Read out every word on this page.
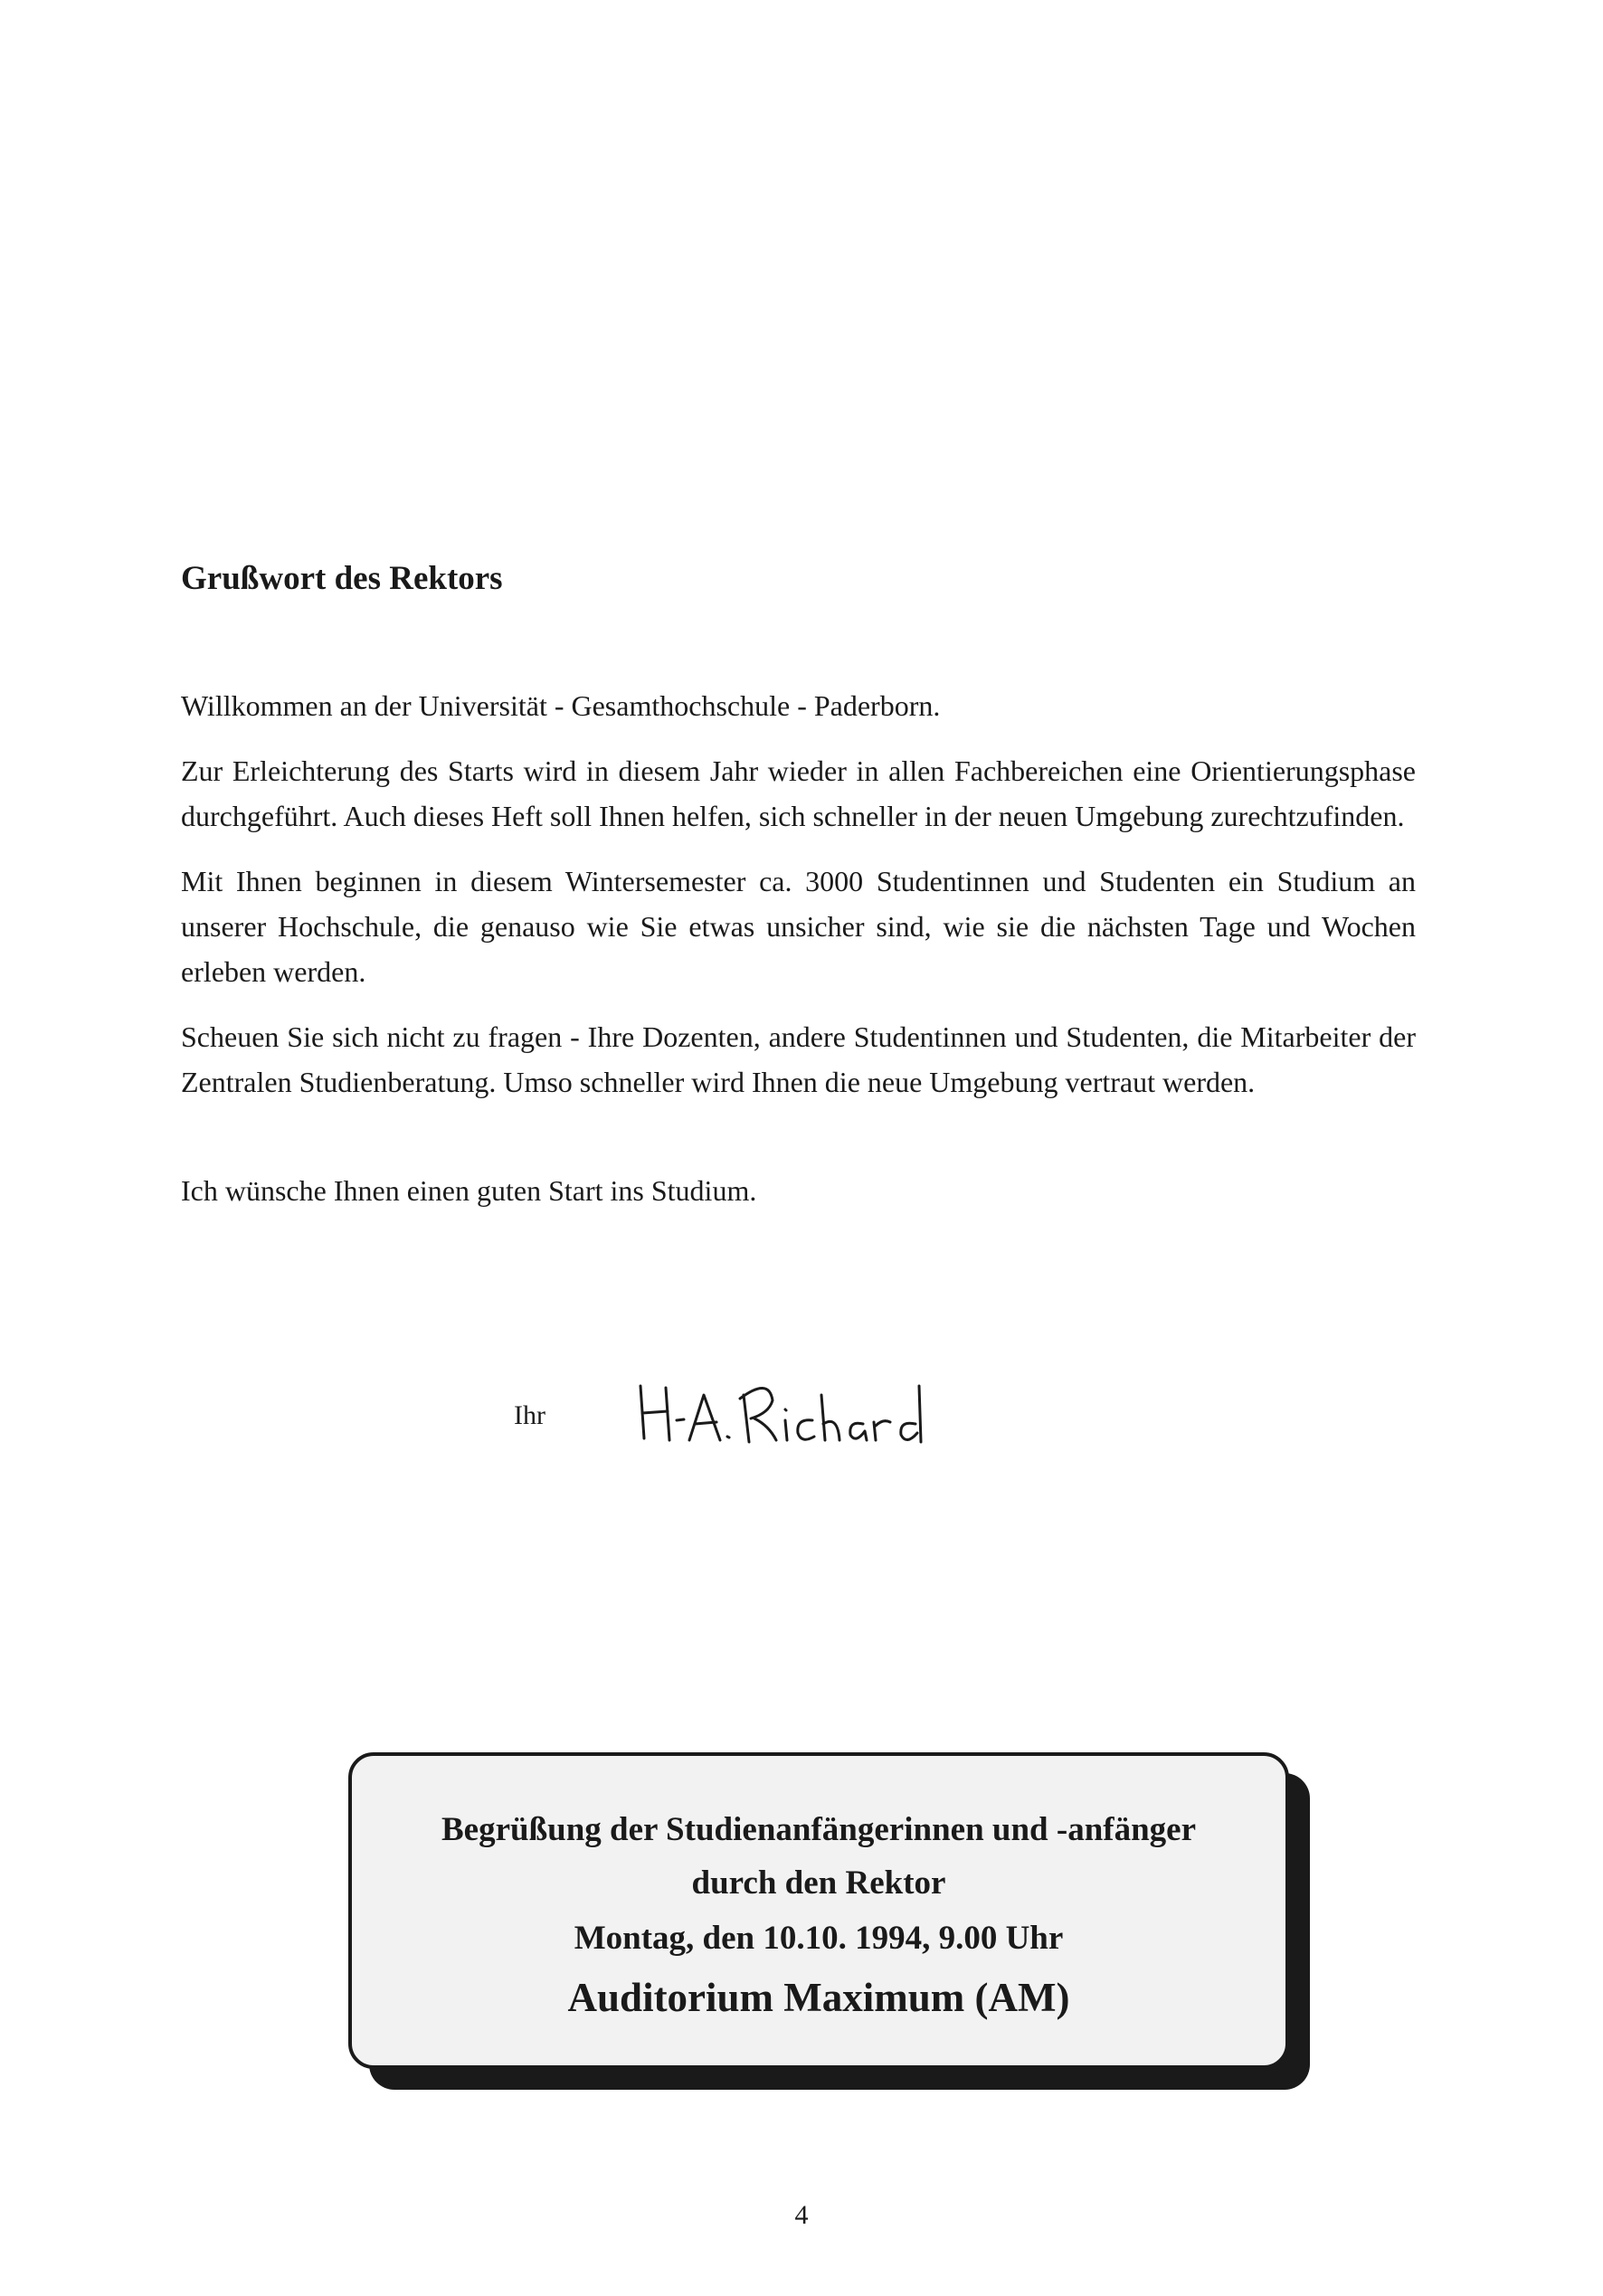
Grußwort des Rektors

Willkommen an der Universität - Gesamthochschule - Paderborn.

Zur Erleichterung des Starts wird in diesem Jahr wieder in allen Fachbereichen eine Orientierungsphase durchgeführt. Auch dieses Heft soll Ihnen helfen, sich schneller in der neuen Umgebung zurechtzufinden.

Mit Ihnen beginnen in diesem Wintersemester ca. 3000 Studentinnen und Studenten ein Studium an unserer Hochschule, die genauso wie Sie etwas unsicher sind, wie sie die nächsten Tage und Wochen erleben werden.

Scheuen Sie sich nicht zu fragen - Ihre Dozenten, andere Studentinnen und Studenten, die Mitarbeiter der Zentralen Studienberatung. Umso schneller wird Ihnen die neue Umgebung vertraut werden.

Ich wünsche Ihnen einen guten Start ins Studium.

Ihr
Begrüßung der Studienanfängerinnen und -anfänger
durch den Rektor
Montag, den 10.10. 1994, 9.00 Uhr
Auditorium Maximum (AM)
4
